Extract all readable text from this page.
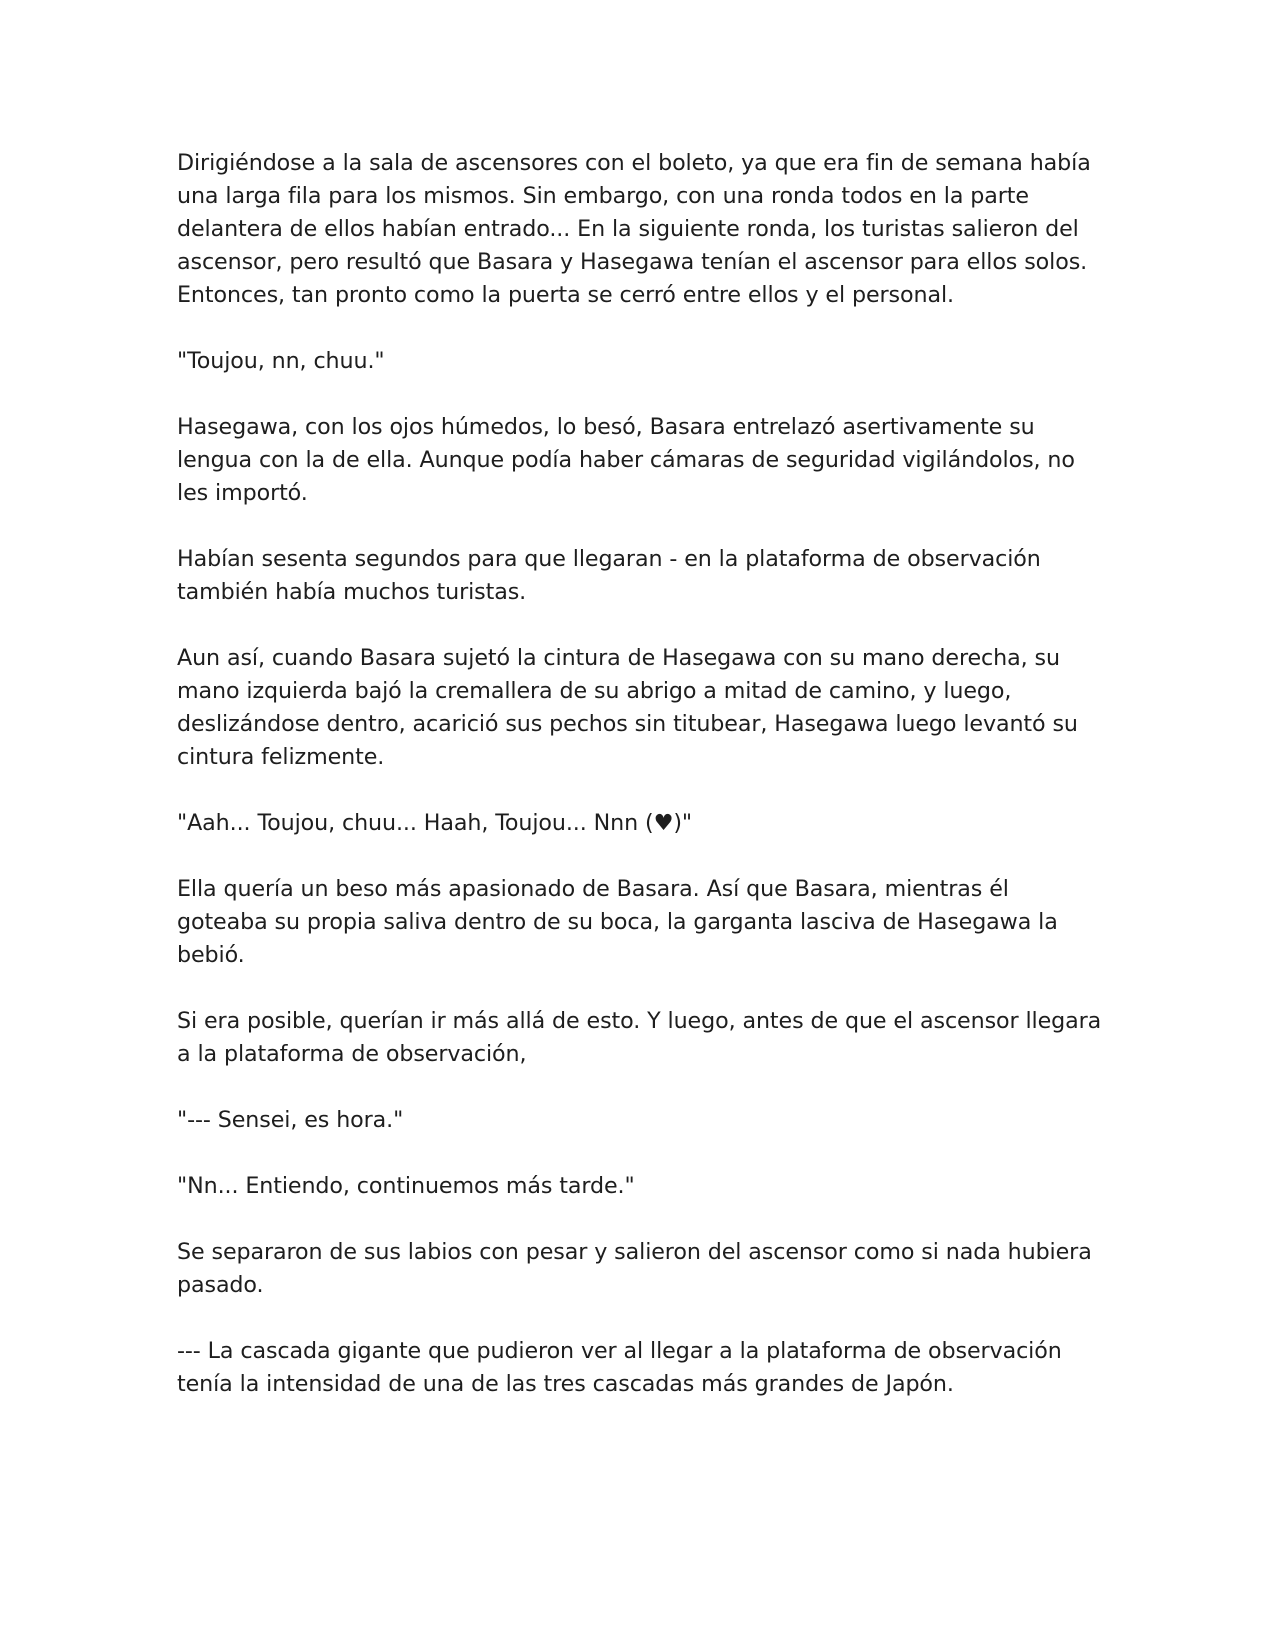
Dirigiéndose a la sala de ascensores con el boleto, ya que era fin de semana había una larga fila para los mismos. Sin embargo, con una ronda todos en la parte delantera de ellos habían entrado... En la siguiente ronda, los turistas salieron del ascensor, pero resultó que Basara y Hasegawa tenían el ascensor para ellos solos. Entonces, tan pronto como la puerta se cerró entre ellos y el personal.

"Toujou, nn, chuu."

Hasegawa, con los ojos húmedos, lo besó, Basara entrelazó asertivamente su lengua con la de ella. Aunque podía haber cámaras de seguridad vigilándolos, no les importó.

Habían sesenta segundos para que llegaran - en la plataforma de observación también había muchos turistas.

Aun así, cuando Basara sujetó la cintura de Hasegawa con su mano derecha, su mano izquierda bajó la cremallera de su abrigo a mitad de camino, y luego, deslizándose dentro, acarició sus pechos sin titubear, Hasegawa luego levantó su cintura felizmente.

"Aah... Toujou, chuu... Haah, Toujou... Nnn (♥)"

Ella quería un beso más apasionado de Basara. Así que Basara, mientras él goteaba su propia saliva dentro de su boca, la garganta lasciva de Hasegawa la bebió.

Si era posible, querían ir más allá de esto. Y luego, antes de que el ascensor llegara a la plataforma de observación,

"--- Sensei, es hora."

"Nn... Entiendo, continuemos más tarde."

Se separaron de sus labios con pesar y salieron del ascensor como si nada hubiera pasado.

--- La cascada gigante que pudieron ver al llegar a la plataforma de observación tenía la intensidad de una de las tres cascadas más grandes de Japón.
